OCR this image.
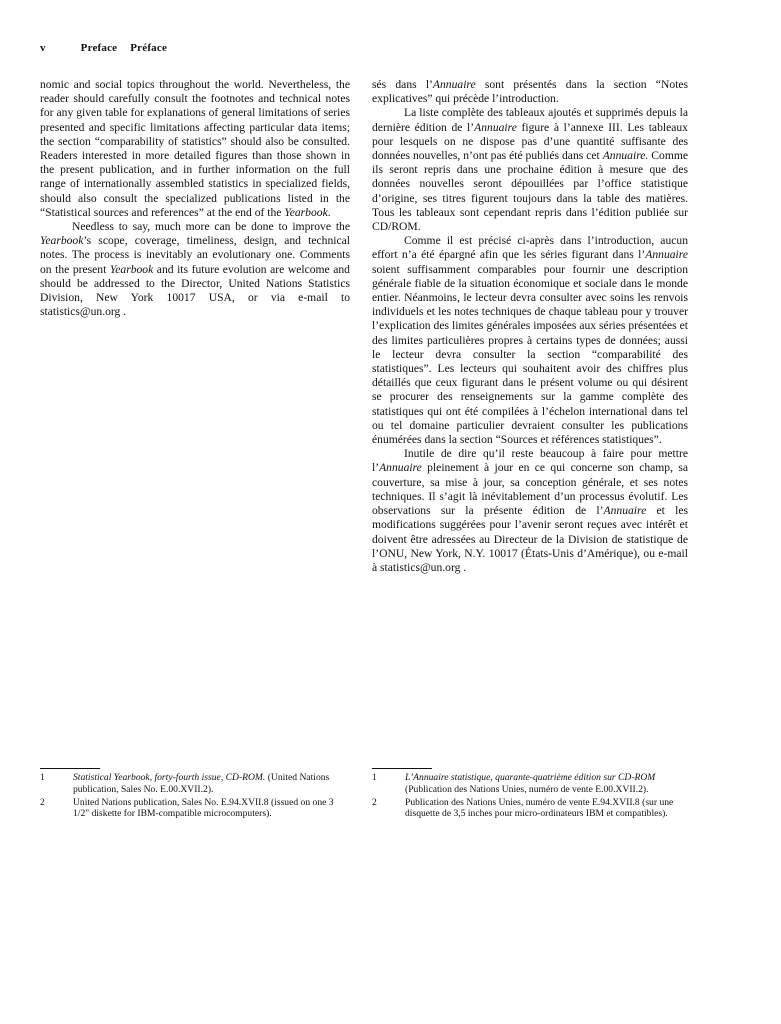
v	Preface Préface

nomic and social topics throughout the world. Nevertheless, the reader should carefully consult the footnotes and technical notes for any given table for explanations of general limitations of series presented and specific limitations affecting particular data items; the section “comparability of statistics” should also be consulted. Readers interested in more detailed figures than those shown in the present publication, and in further information on the full range of internationally assembled statistics in specialized fields, should also consult the specialized publications listed in the “Statistical sources and references” at the end of the Yearbook.

Needless to say, much more can be done to improve the Yearbook’s scope, coverage, timeliness, design, and technical notes. The process is inevitably an evolutionary one. Comments on the present Yearbook and its future evolution are welcome and should be addressed to the Director, United Nations Statistics Division, New York 10017 USA, or via e-mail to statistics@un.org .

sés dans l’Annuaire sont présentés dans la section “Notes explicatives” qui précède l’introduction.

La liste complète des tableaux ajoutés et supprimés depuis la dernière édition de l’Annuaire figure à l’annexe III. Les tableaux pour lesquels on ne dispose pas d’une quantité suffisante des données nouvelles, n’ont pas été publiés dans cet Annuaire. Comme ils seront repris dans une prochaine édition à mesure que des données nouvelles seront dépouillées par l’office statistique d’origine, ses titres figurent toujours dans la table des matières. Tous les tableaux sont cependant repris dans l’édition publiée sur CD/ROM.

Comme il est précisé ci-après dans l’introduction, aucun effort n’a été épargné afin que les séries figurant dans l’Annuaire soient suffisamment comparables pour fournir une description générale fiable de la situation économique et sociale dans le monde entier. Néanmoins, le lecteur devra consulter avec soins les renvois individuels et les notes techniques de chaque tableau pour y trouver l’explication des limites générales imposées aux séries présentées et des limites particulières propres à certains types de données; aussi le lecteur devra consulter la section “comparabilité des statistiques”. Les lecteurs qui souhaitent avoir des chiffres plus détaillés que ceux figurant dans le présent volume ou qui désirent se procurer des renseignements sur la gamme complète des statistiques qui ont été compilées à l’échelon international dans tel ou tel domaine particulier devraient consulter les publications énumérées dans la section “Sources et références statistiques”.

Inutile de dire qu’il reste beaucoup à faire pour mettre l’Annuaire pleinement à jour en ce qui concerne son champ, sa couverture, sa mise à jour, sa conception générale, et ses notes techniques. Il s’agit là inévitablement d’un processus évolutif. Les observations sur la présente édition de l’Annuaire et les modifications suggérées pour l’avenir seront reçues avec intérêt et doivent être adressées au Directeur de la Division de statistique de l’ONU, New York, N.Y. 10017 (États-Unis d’Amérique), ou e-mail à statistics@un.org .

1	Statistical Yearbook, forty-fourth issue, CD-ROM. (United Nations publication, Sales No. E.00.XVII.2).
2	United Nations publication, Sales No. E.94.XVII.8 (issued on one 3 1/2" diskette for IBM-compatible microcomputers).
1	L’Annuaire statistique, quarante-quatrième édition sur CD-ROM (Publication des Nations Unies, numéro de vente E.00.XVII.2).
2	Publication des Nations Unies, numéro de vente E.94.XVII.8 (sur une disquette de 3,5 inches pour micro-ordinateurs IBM et compatibles).
